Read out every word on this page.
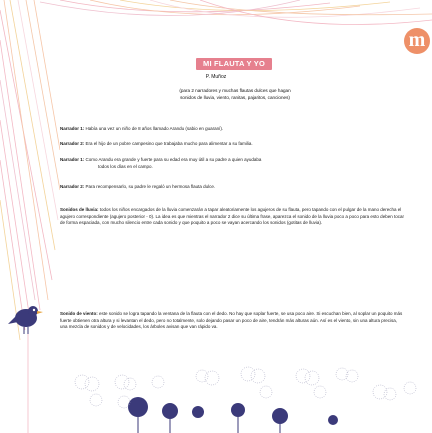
m
MI FLAUTA Y YO
P. Muñoz
(para 2 narradores y muchas flautas dulces que hagan
sonidos de lluvia, viento, ranitas, pajaritos, canciones)
Narrador 1: Había una vez un niño de 8 años llamado Arandu (sabio en guaraní).
Narrador 2: Era el hijo de un pobre campesino que trabajaba mucho para alimentar a su familia.
Narrador 1: Como Arandu era grande y fuerte para su edad era muy útil a su padre a quien ayudaba
todos los días en el campo.
Narrador 2: Para recompensarlo, su padre le regaló un hermosa flauta dulce.
Sonidos de lluvia: todos los niños encargados de la lluvia comenzarán a tapar aleatoriamente los agujeros de su flauta, pero tapando con el pulgar de la mano derecha el agujero correspondiente (agujero posterior - 0). La idea es que mientras el narrador 2 dice su última frase, aparezca el sonido de la lluvia poco a poco para esto deben tocar de forma espaciada, con mucho silencio entre cada sonido y que poquito a poco se vayan acercando los sonidos (gotitas de lluvia).
Sonido de viento: este sonido se logra tapando la ventana de la flauta con el dedo. No hay que soplar fuerte, se usa poco aire. Si escuchan bien, al soplar un poquito más fuerte obtienen otra altura y si levantan el dedo, pero no totalmente, solo dejando pasar un poco de aire, tendrán más alturas aún. Así es el viento, sin una altura precisa, una mezcla de sonidos y de velocidades, los árboles avisan que van rápido va.
